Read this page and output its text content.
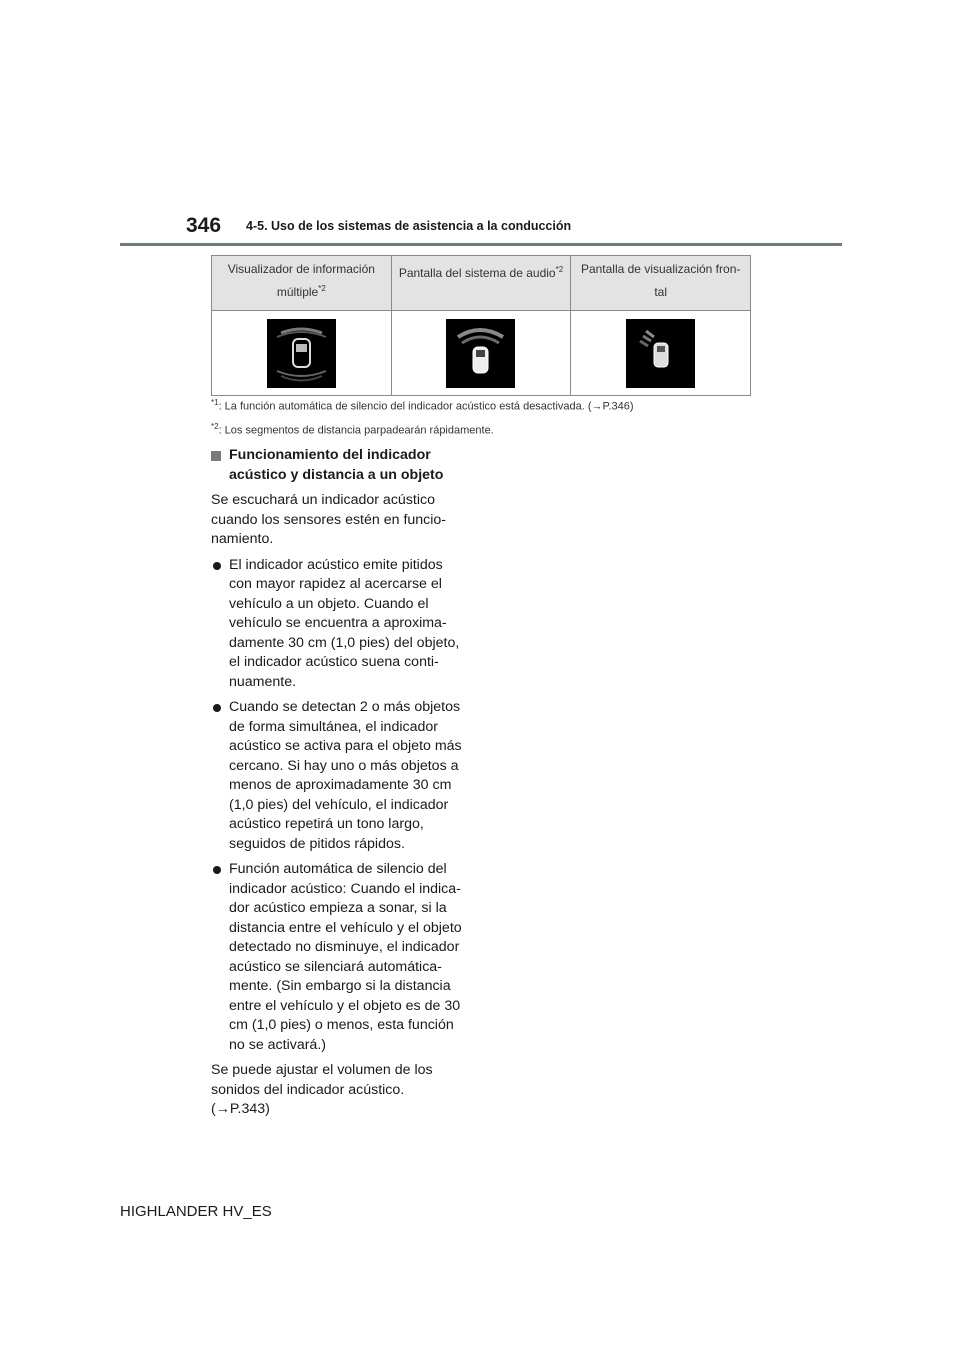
346 4-5. Uso de los sistemas de asistencia a la conducción
Visualizador de información múltiple$^{*2}$	Pantalla del sistema de audio$^{*2}$	Pantalla de visualización fron-tal

$^{*1}$: La función automática de silencio del indicador acústico está desactivada. (→P.346)
$^{*2}$: Los segmentos de distancia parpadearán rápidamente.
Funcionamiento del indicador acústico y distancia a un objeto

Se escuchará un indicador acústico cuando los sensores estén en funcio-namiento.

El indicador acústico emite pitidos con mayor rapidez al acercarse el vehículo a un objeto. Cuando el vehículo se encuentra a aproxima-damente 30 cm (1,0 pies) del objeto, el indicador acústico suena conti-nuamente.
Cuando se detectan 2 o más objetos de forma simultánea, el indicador acústico se activa para el objeto más cercano. Si hay uno o más objetos a menos de aproximadamente 30 cm (1,0 pies) del vehículo, el indicador acústico repetirá un tono largo, seguidos de pitidos rápidos.
Función automática de silencio del indicador acústico: Cuando el indica-dor acústico empieza a sonar, si la distancia entre el vehículo y el objeto detectado no disminuye, el indicador acústico se silenciará automática-mente. (Sin embargo si la distancia entre el vehículo y el objeto es de 30 cm (1,0 pies) o menos, esta función no se activará.)

Se puede ajustar el volumen de los sonidos del indicador acústico. (→P.343)

HIGHLANDER HV_ES
